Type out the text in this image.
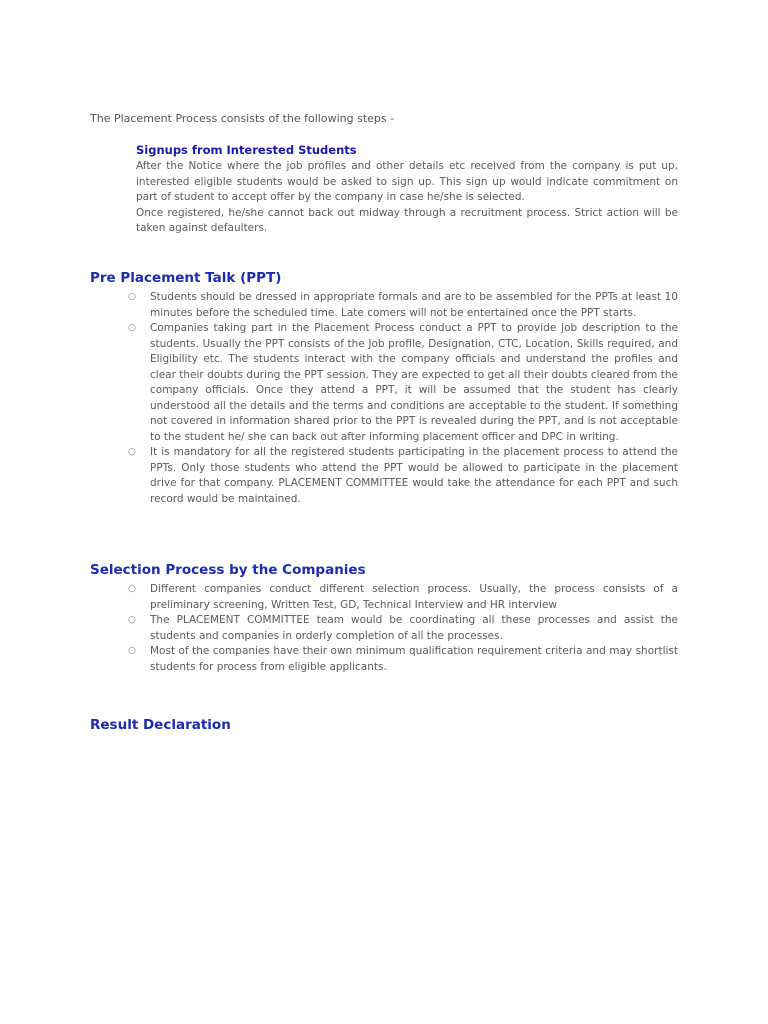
The Placement Process consists of the following steps -
Signups from Interested Students
After the Notice where the job profiles and other details etc received from the company is put up, interested eligible students would be asked to sign up. This sign up would indicate commitment on part of student to accept offer by the company in case he/she is selected.
Once registered, he/she cannot back out midway through a recruitment process. Strict action will be taken against defaulters.
Pre Placement Talk (PPT)
○ Students should be dressed in appropriate formals and are to be assembled for the PPTs at least 10 minutes before the scheduled time. Late comers will not be entertained once the PPT starts.
○ Companies taking part in the Placement Process conduct a PPT to provide job description to the students. Usually the PPT consists of the Job profile, Designation, CTC, Location, Skills required, and Eligibility etc. The students interact with the company officials and understand the profiles and clear their doubts during the PPT session. They are expected to get all their doubts cleared from the company officials. Once they attend a PPT, it will be assumed that the student has clearly understood all the details and the terms and conditions are acceptable to the student. If something not covered in information shared prior to the PPT is revealed during the PPT, and is not acceptable to the student he/ she can back out after informing placement officer and DPC in writing.
○ It is mandatory for all the registered students participating in the placement process to attend the PPTs. Only those students who attend the PPT would be allowed to participate in the placement drive for that company. PLACEMENT COMMITTEE would take the attendance for each PPT and such record would be maintained.
Selection Process by the Companies
○ Different companies conduct different selection process. Usually, the process consists of a preliminary screening, Written Test, GD, Technical Interview and HR interview
○ The PLACEMENT COMMITTEE team would be coordinating all these processes and assist the students and companies in orderly completion of all the processes.
○ Most of the companies have their own minimum qualification requirement criteria and may shortlist students for process from eligible applicants.
Result Declaration
